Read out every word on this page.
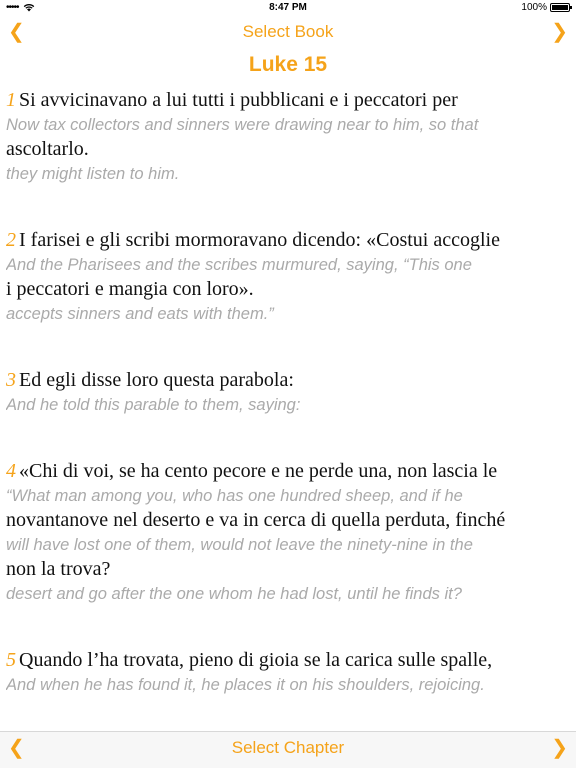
•••••	8:47 PM	100%
❮	Select Book	❯
Luke 15
1 Si avvicinavano a lui tutti i pubblicani e i peccatori per
Now tax collectors and sinners were drawing near to him, so that
ascoltarlo.
they might listen to him.
2 I farisei e gli scribi mormoravano dicendo: «Costui accoglie
And the Pharisees and the scribes murmured, saying, “This one
i peccatori e mangia con loro».
accepts sinners and eats with them.”
3 Ed egli disse loro questa parabola:
And he told this parable to them, saying:
4 «Chi di voi, se ha cento pecore e ne perde una, non lascia le
“What man among you, who has one hundred sheep, and if he
novantanove nel deserto e va in cerca di quella perduta, finché
will have lost one of them, would not leave the ninety-nine in the
non la trova?
desert and go after the one whom he had lost, until he finds it?
5 Quando l’ha trovata, pieno di gioia se la carica sulle spalle,
And when he has found it, he places it on his shoulders, rejoicing.
❮	Select Chapter	❯
